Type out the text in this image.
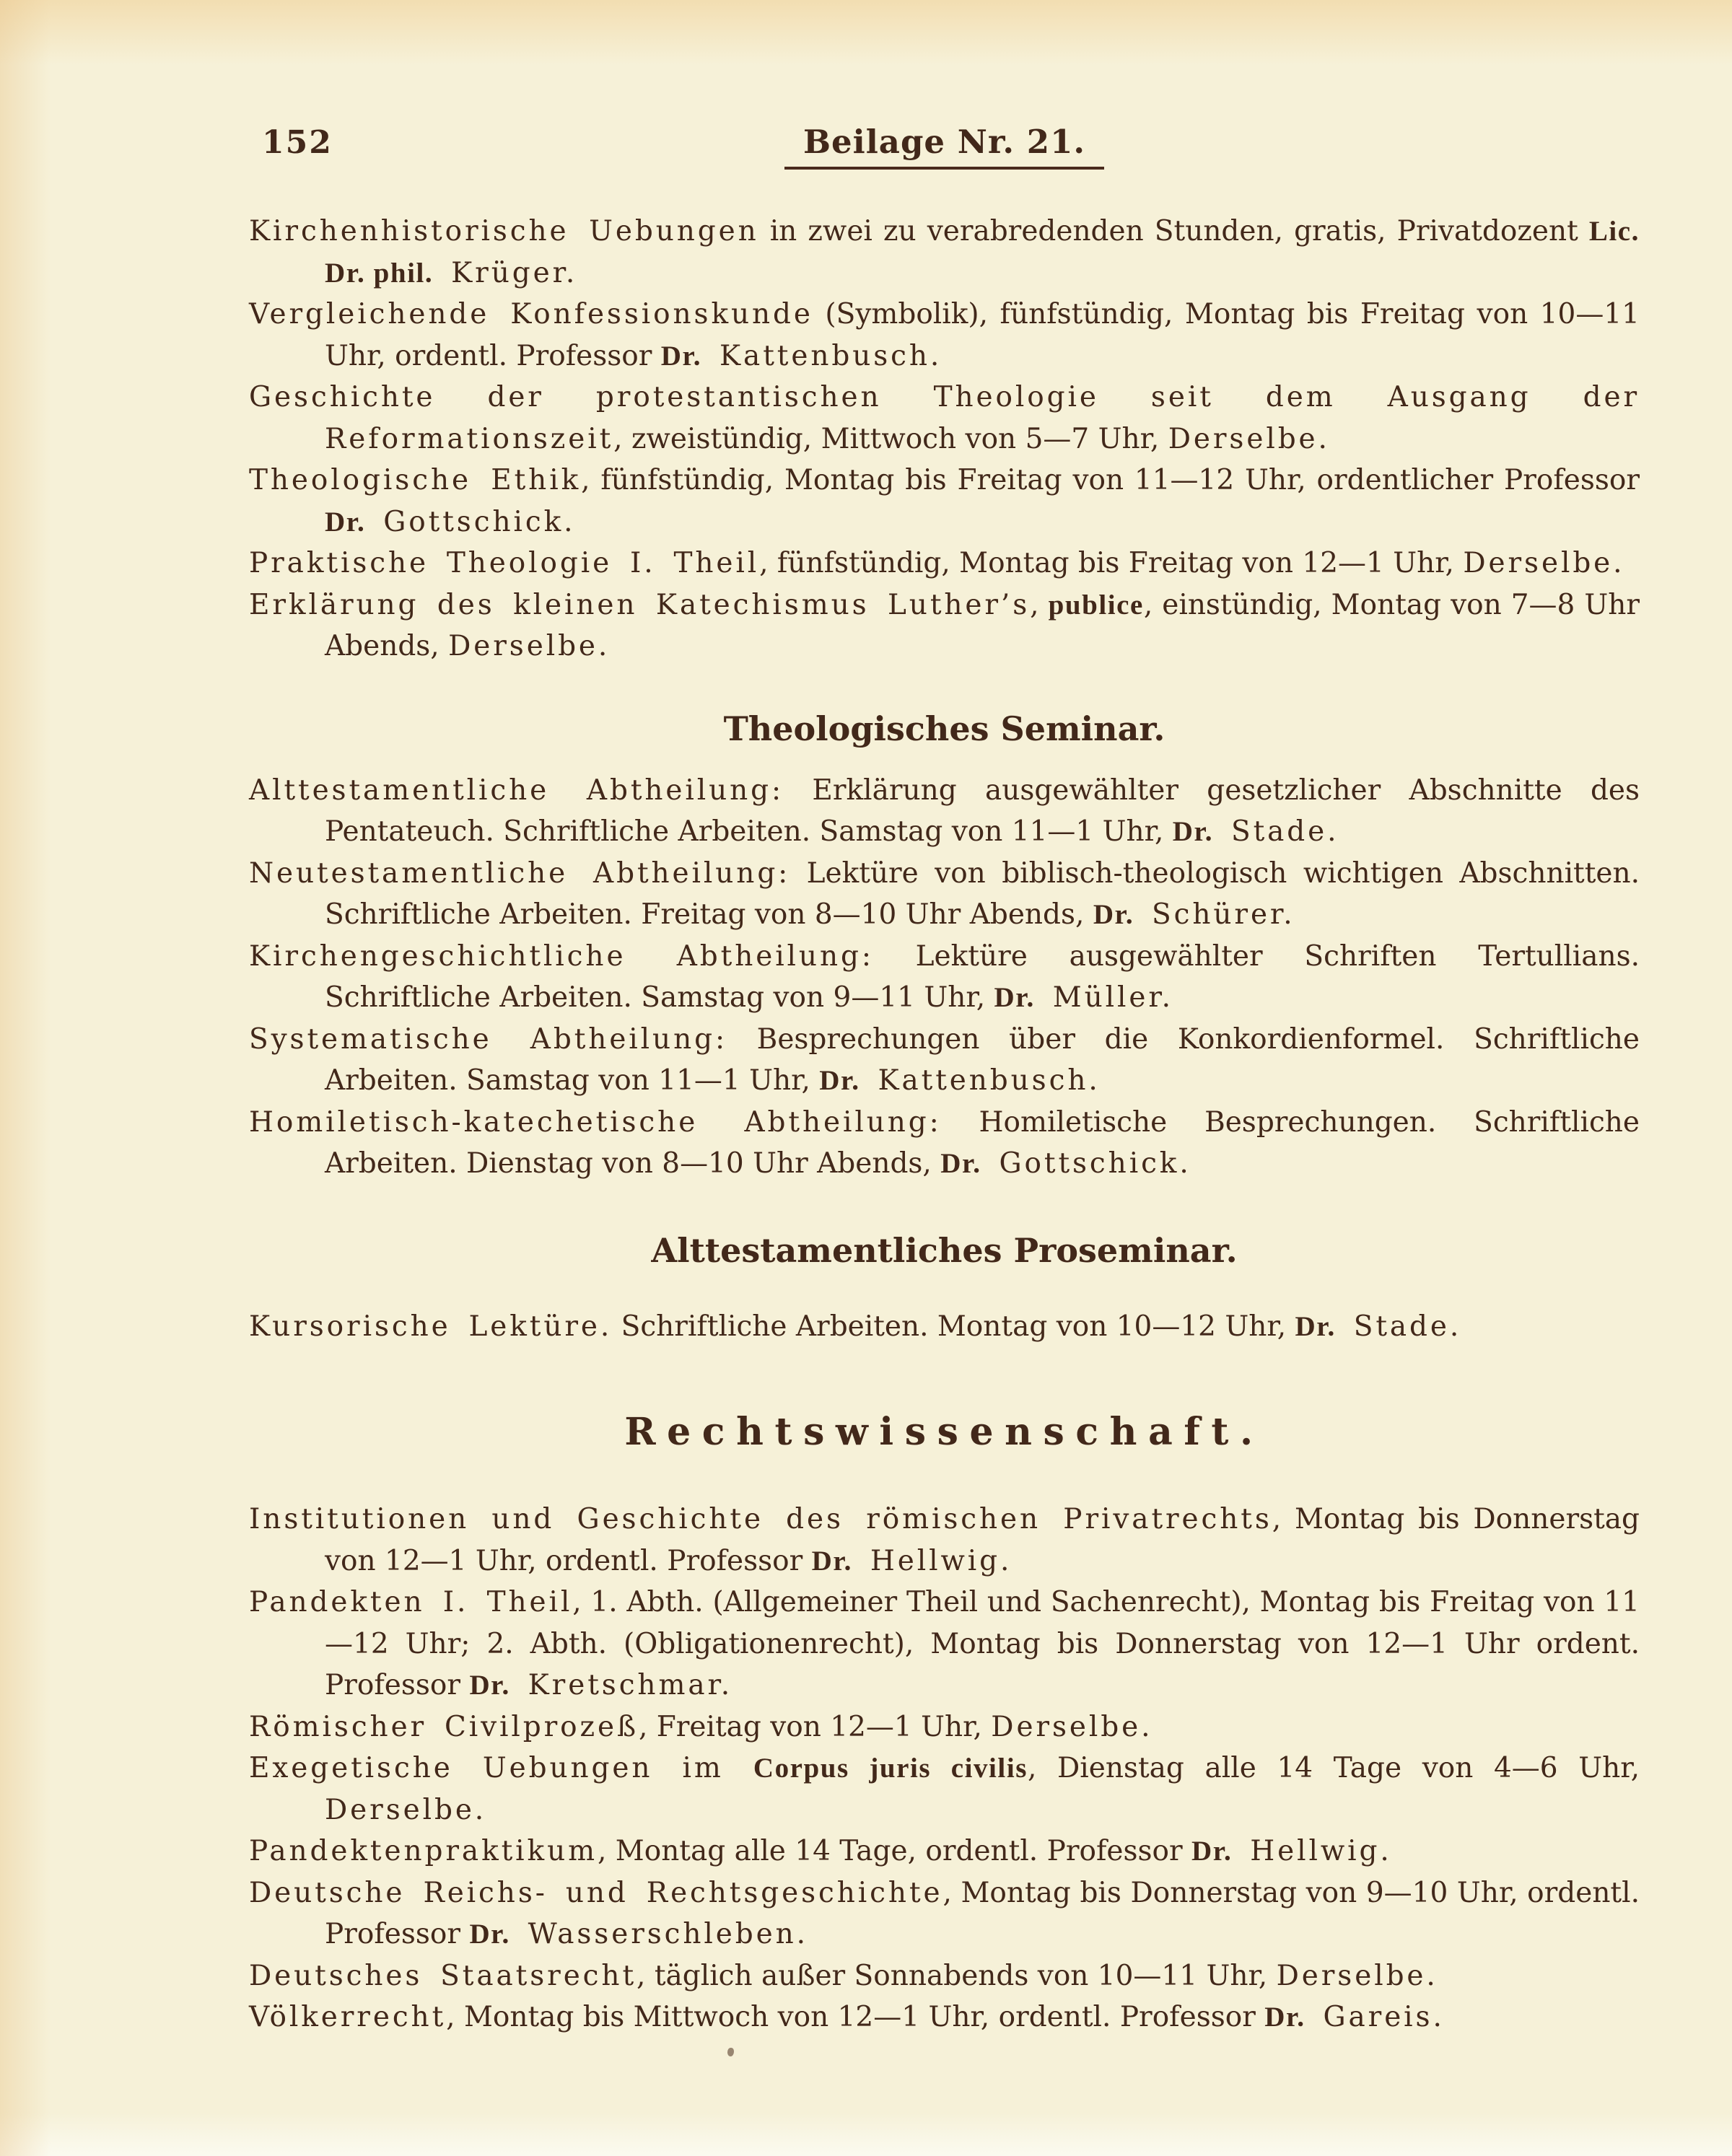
152	Beilage Nr. 21.

Kirchenhistorische Uebungen in zwei zu verabredenden Stunden, gratis, Privatdozent Lic. Dr. phil. Krüger.

Vergleichende Konfessionskunde (Symbolik), fünfstündig, Montag bis Freitag von 10—11 Uhr, ordentl. Professor Dr. Kattenbusch.

Geschichte der protestantischen Theologie seit dem Ausgang der Reformationszeit, zweistündig, Mittwoch von 5—7 Uhr, Derselbe.

Theologische Ethik, fünfstündig, Montag bis Freitag von 11—12 Uhr, ordentlicher Professor Dr. Gottschick.

Praktische Theologie I. Theil, fünfstündig, Montag bis Freitag von 12—1 Uhr, Derselbe.

Erklärung des kleinen Katechismus Luther’s, publice, einstündig, Montag von 7—8 Uhr Abends, Derselbe.

Theologisches Seminar.

Alttestamentliche Abtheilung: Erklärung ausgewählter gesetzlicher Abschnitte des Pentateuch. Schriftliche Arbeiten. Samstag von 11—1 Uhr, Dr. Stade.

Neutestamentliche Abtheilung: Lektüre von biblisch-theologisch wichtigen Abschnitten. Schriftliche Arbeiten. Freitag von 8—10 Uhr Abends, Dr. Schürer.

Kirchengeschichtliche Abtheilung: Lektüre ausgewählter Schriften Tertullians. Schriftliche Arbeiten. Samstag von 9—11 Uhr, Dr. Müller.

Systematische Abtheilung: Besprechungen über die Konkordienformel. Schriftliche Arbeiten. Samstag von 11—1 Uhr, Dr. Kattenbusch.

Homiletisch-katechetische Abtheilung: Homiletische Besprechungen. Schriftliche Arbeiten. Dienstag von 8—10 Uhr Abends, Dr. Gottschick.

Alttestamentliches Proseminar.

Kursorische Lektüre. Schriftliche Arbeiten. Montag von 10—12 Uhr, Dr. Stade.

Rechtswissenschaft.

Institutionen und Geschichte des römischen Privatrechts, Montag bis Donnerstag von 12—1 Uhr, ordentl. Professor Dr. Hellwig.

Pandekten I. Theil, 1. Abth. (Allgemeiner Theil und Sachenrecht), Montag bis Freitag von 11—12 Uhr; 2. Abth. (Obligationenrecht), Montag bis Donnerstag von 12—1 Uhr ordent. Professor Dr. Kretschmar.

Römischer Civilprozeß, Freitag von 12—1 Uhr, Derselbe.

Exegetische Uebungen im Corpus juris civilis, Dienstag alle 14 Tage von 4—6 Uhr, Derselbe.

Pandektenpraktikum, Montag alle 14 Tage, ordentl. Professor Dr. Hellwig.

Deutsche Reichs- und Rechtsgeschichte, Montag bis Donnerstag von 9—10 Uhr, ordentl. Professor Dr. Wasserschleben.

Deutsches Staatsrecht, täglich außer Sonnabends von 10—11 Uhr, Derselbe.

Völkerrecht, Montag bis Mittwoch von 12—1 Uhr, ordentl. Professor Dr. Gareis.
